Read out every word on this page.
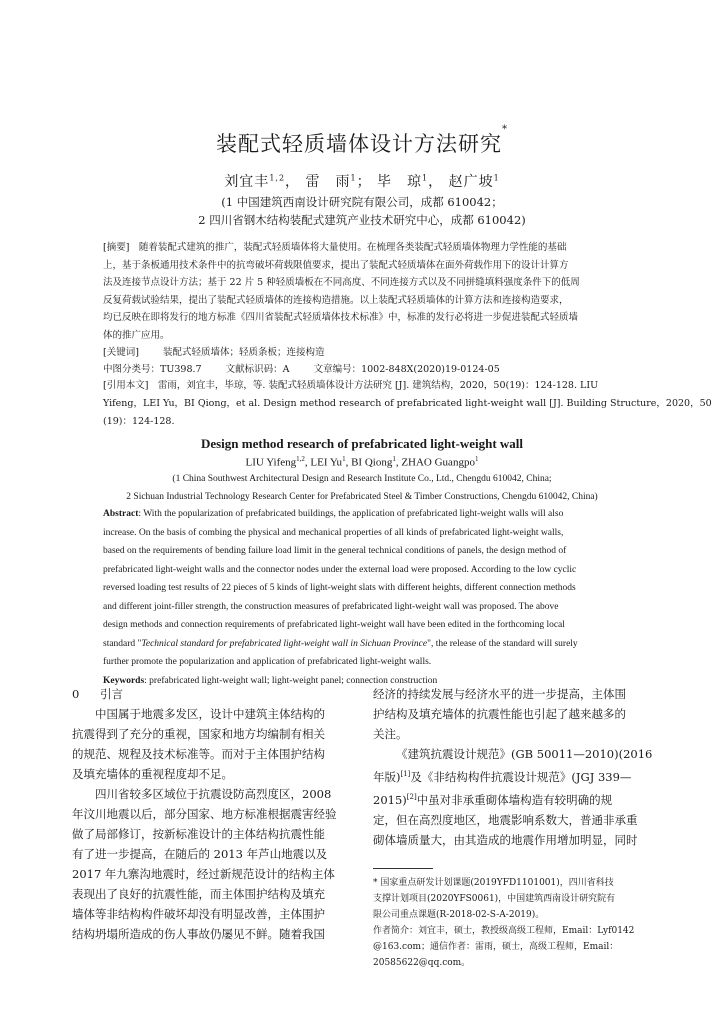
装配式轻质墙体设计方法研究*
刘宜丰$^{1,2}$， 雷　雨$^1$； 毕　琼$^1$， 赵广坡$^1$
(1 中国建筑西南设计研究院有限公司，成都 610042；
2 四川省钢木结构装配式建筑产业技术研究中心，成都 610042)
[摘要]　随着装配式建筑的推广，装配式轻质墙体将大量使用。在梳理各类装配式轻质墙体物理力学性能的基础
上，基于条板通用技术条件中的抗弯破坏荷载限值要求，提出了装配式轻质墙体在面外荷载作用下的设计计算方
法及连接节点设计方法；基于 22 片 5 种轻质墙板在不同高度、不同连接方式以及不同拼缝填料强度条件下的低周
反复荷载试验结果，提出了装配式轻质墙体的连接构造措施。以上装配式轻质墙体的计算方法和连接构造要求，
均已反映在即将发行的地方标准《四川省装配式轻质墙体技术标准》中，标准的发行必将进一步促进装配式轻质墙
体的推广应用。
[关键词]	装配式轻质墙体；轻质条板；连接构造
中图分类号：TU398.7	文献标识码：A	文章编号：1002-848X(2020)19-0124-05
[引用本文]　雷雨，刘宜丰，毕琼，等. 装配式轻质墙体设计方法研究 [J]. 建筑结构，2020，50(19)：124-128. LIU
Yifeng，LEI Yu，BI Qiong，et al. Design method research of prefabricated light-weight wall [J]. Building Structure，2020，50
(19)：124-128.
Design method research of prefabricated light-weight wall
LIU Yifeng$^{1,2}$, LEI Yu$^1$, BI Qiong$^1$, ZHAO Guangpo$^1$
(1 China Southwest Architectural Design and Research Institute Co., Ltd., Chengdu 610042, China;
2 Sichuan Industrial Technology Research Center for Prefabricated Steel & Timber Constructions, Chengdu 610042, China)
Abstract: With the popularization of prefabricated buildings, the application of prefabricated light-weight walls will also
increase. On the basis of combing the physical and mechanical properties of all kinds of prefabricated light-weight walls,
based on the requirements of bending failure load limit in the general technical conditions of panels, the design method of
prefabricated light-weight walls and the connector nodes under the external load were proposed. According to the low cyclic
reversed loading test results of 22 pieces of 5 kinds of light-weight slats with different heights, different connection methods
and different joint-filler strength, the construction measures of prefabricated light-weight wall was proposed. The above
design methods and connection requirements of prefabricated light-weight wall have been edited in the forthcoming local
standard "Technical standard for prefabricated light-weight wall in Sichuan Province", the release of the standard will surely
further promote the popularization and application of prefabricated light-weight walls.
Keywords: prefabricated light-weight wall; light-weight panel; connection construction
0 引言
中国属于地震多发区，设计中建筑主体结构的
抗震得到了充分的重视，国家和地方均编制有相关
的规范、规程及技术标准等。而对于主体围护结构
及填充墙体的重视程度却不足。
四川省较多区域位于抗震设防高烈度区，2008
年汶川地震以后，部分国家、地方标准根据震害经验
做了局部修订，按新标准设计的主体结构抗震性能
有了进一步提高，在随后的 2013 年芦山地震以及
2017 年九寨沟地震时，经过新规范设计的结构主体
表现出了良好的抗震性能，而主体围护结构及填充
墙体等非结构构件破坏却没有明显改善，主体围护
结构坍塌所造成的伤人事故仍屡见不鲜。随着我国
经济的持续发展与经济水平的进一步提高，主体围
护结构及填充墙体的抗震性能也引起了越来越多的
关注。
《建筑抗震设计规范》(GB 50011—2010)(2016
年版)[1]及《非结构构件抗震设计规范》(JGJ 339—
2015)[2]中虽对非承重砌体墙构造有较明确的规
定，但在高烈度地区，地震影响系数大，普通非承重
砌体墙质量大，由其造成的地震作用增加明显，同时
* 国家重点研发计划课题(2019YFD1101001)，四川省科技
支撑计划项目(2020YFS0061)，中国建筑西南设计研究院有
限公司重点课题(R-2018-02-S-A-2019)。
作者简介：刘宜丰，硕士，教授级高级工程师，Email：Lyf0142
@163.com；通信作者：雷雨，硕士，高级工程师，Email：
20585622@qq.com。
